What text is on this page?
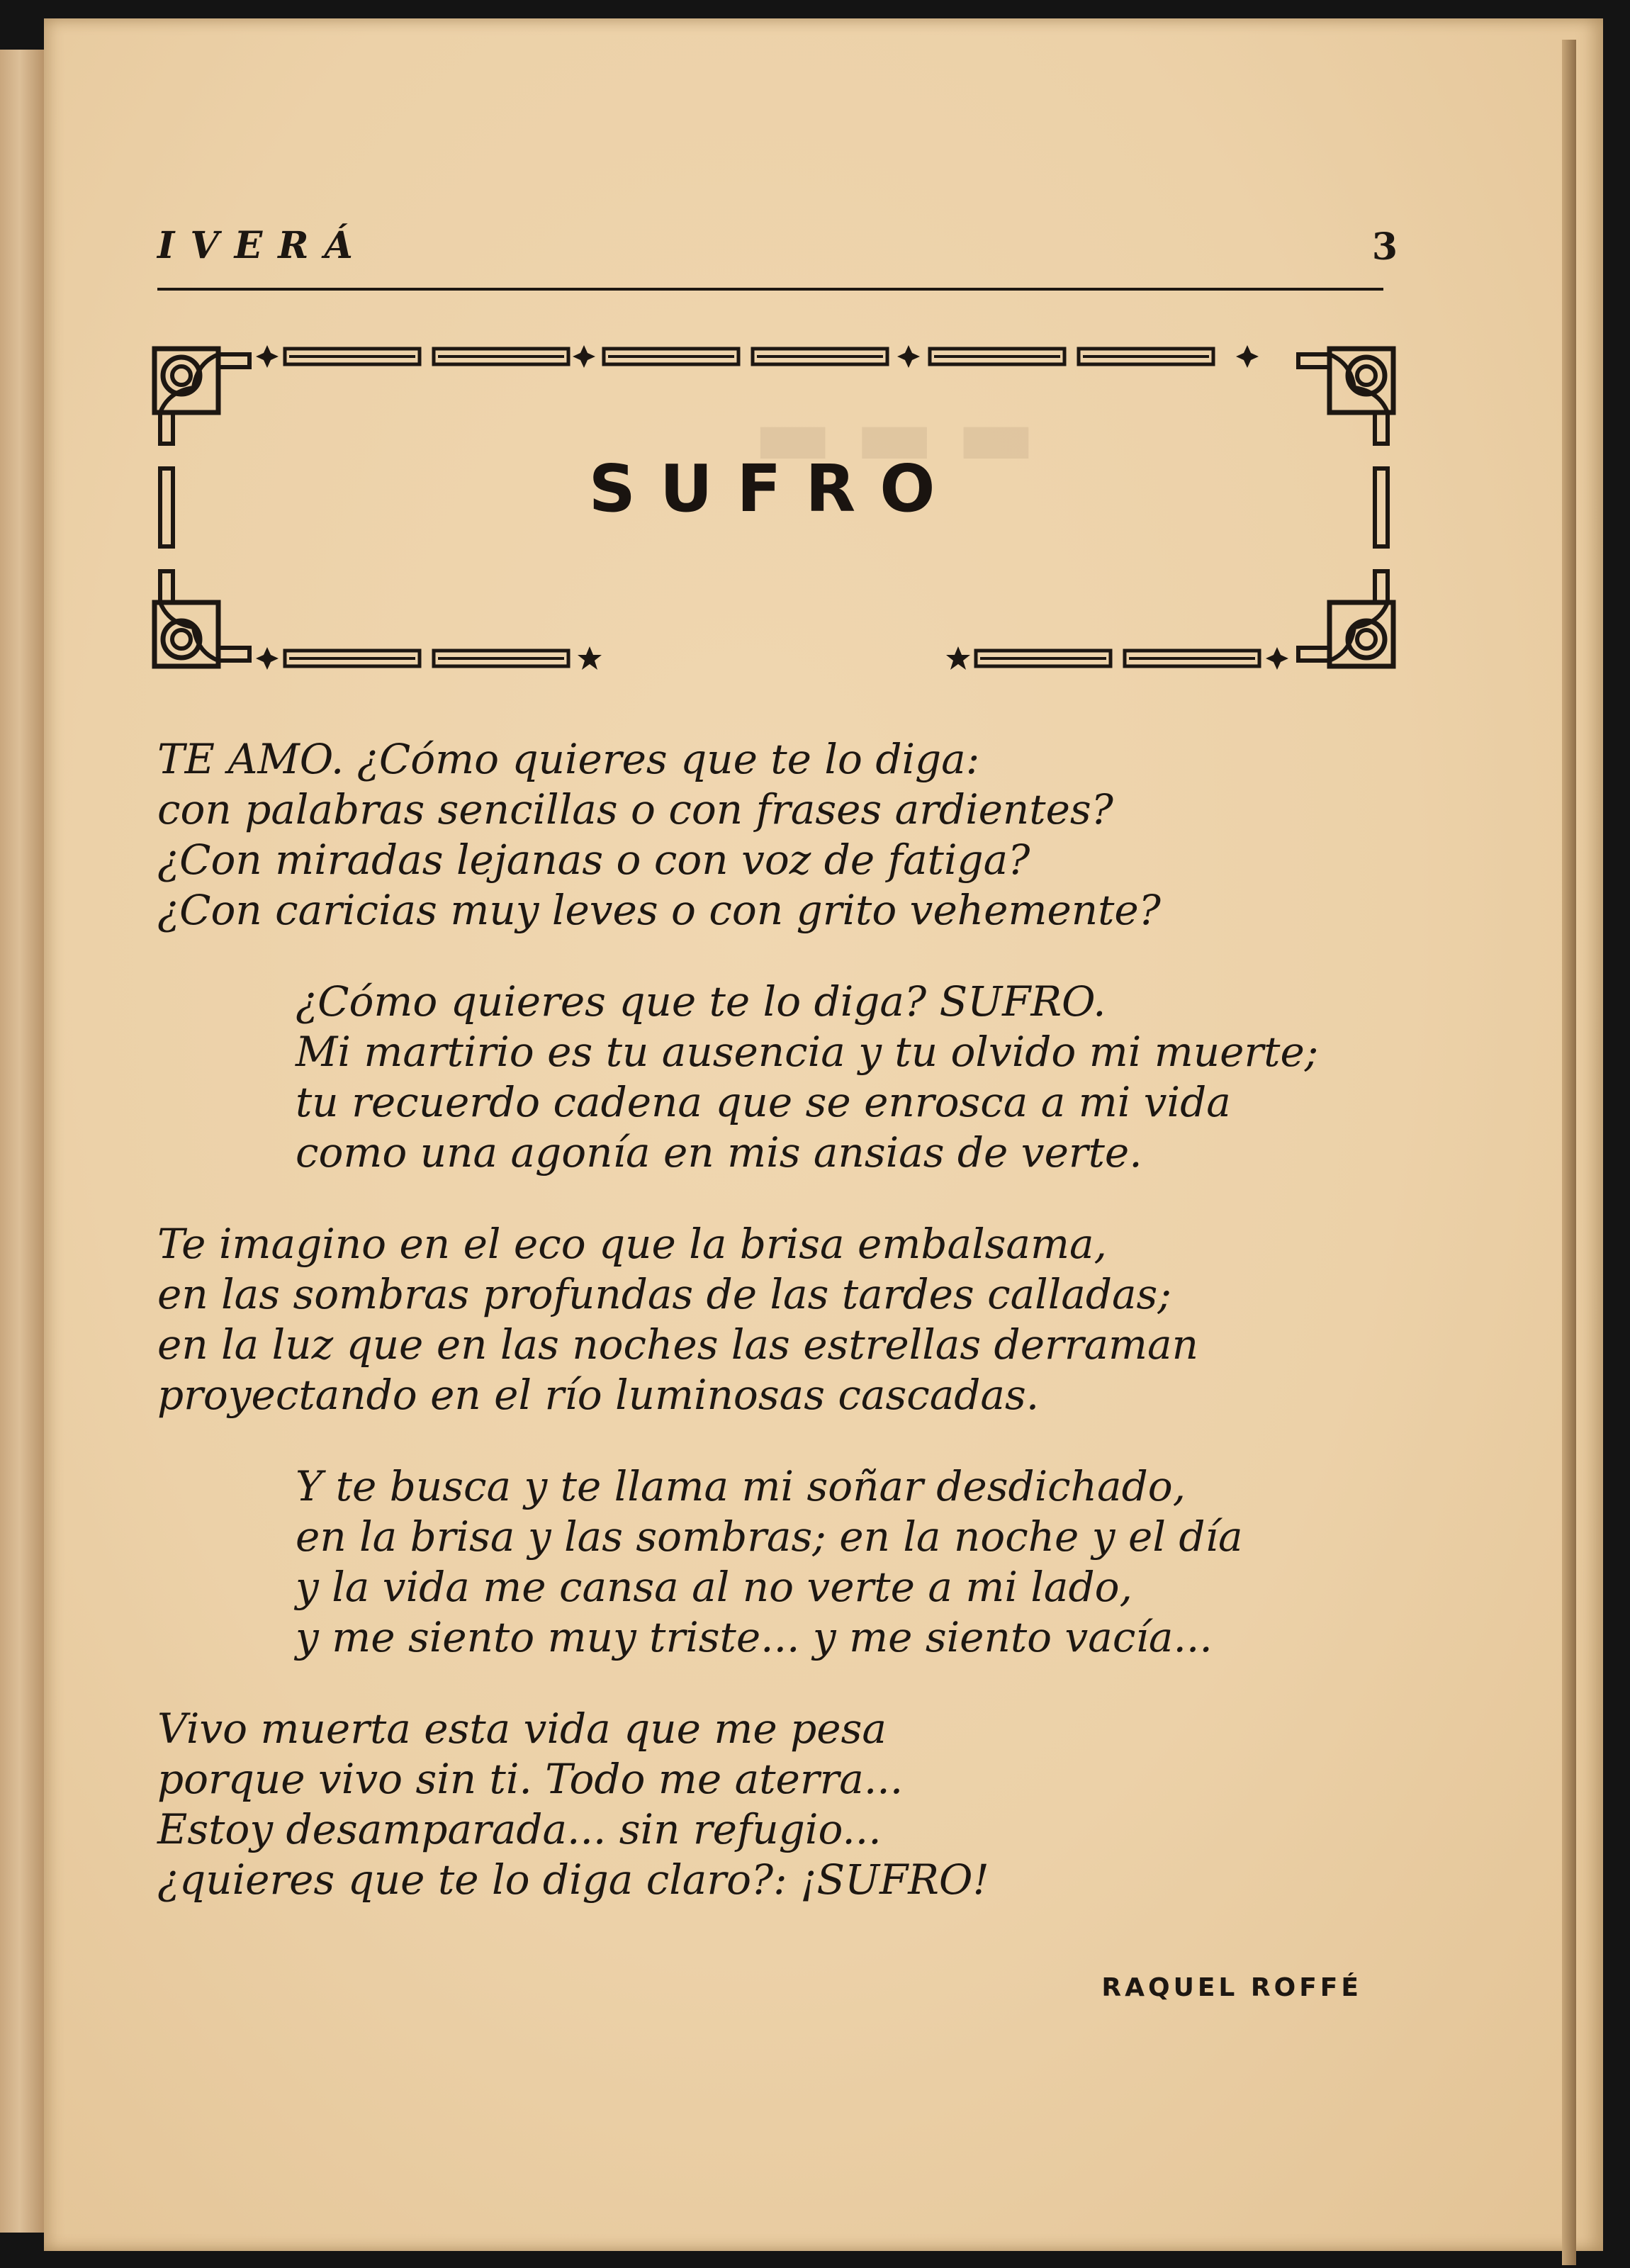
▬▬▬
IVERÁ	3
SUFRO
TE AMO. ¿Cómo quieres que te lo diga:
con palabras sencillas o con frases ardientes?
¿Con miradas lejanas o con voz de fatiga?
¿Con caricias muy leves o con grito vehemente?
¿Cómo quieres que te lo diga? SUFRO.
Mi martirio es tu ausencia y tu olvido mi muerte;
tu recuerdo cadena que se enrosca a mi vida
como una agonía en mis ansias de verte.
Te imagino en el eco que la brisa embalsama,
en las sombras profundas de las tardes calladas;
en la luz que en las noches las estrellas derraman
proyectando en el río luminosas cascadas.
Y te busca y te llama mi soñar desdichado,
en la brisa y las sombras; en la noche y el día
y la vida me cansa al no verte a mi lado,
y me siento muy triste... y me siento vacía...
Vivo muerta esta vida que me pesa
porque vivo sin ti. Todo me aterra...
Estoy desamparada... sin refugio...
¿quieres que te lo diga claro?: ¡SUFRO!
RAQUEL ROFFÉ
